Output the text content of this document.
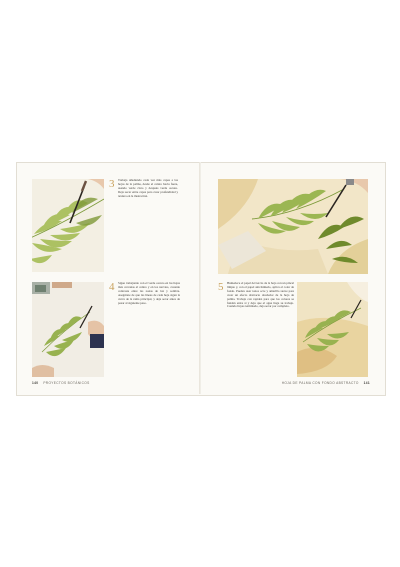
3 Trabaja añadiendo cada vez más capas a las hojas de la palma, desde el centro hacia fuera, usando verde claro y después verde oscuro. Deja secar entre capas para crear profundidad y textura en la ilustración.
4 Sigue trabajando con el verde oscuro en las hojas más cercanas al centro y en los nervios, creando contraste entre las zonas de luz y sombra. Asegúrate de que las líneas de cada hoja sigan la curva de la rama principal, y deja secar antes de pasar al siguiente paso.
140 PROYECTOS BOTÁNICOS
5 Humedece el papel del tercio de la hoja con un pincel limpio y, con el papel aún húmedo, aplica el color de fondo. Puedes usar tonos ocre y amarillo suave para crear un efecto abstracto alrededor de la hoja de palma. Trabaja con rapidez para que los colores se fundan entre sí y deja que el agua haga su trabajo. Cuando hayas terminado, deja secar por completo.
HOJA DE PALMA CON FONDO ABSTRACTO 141
